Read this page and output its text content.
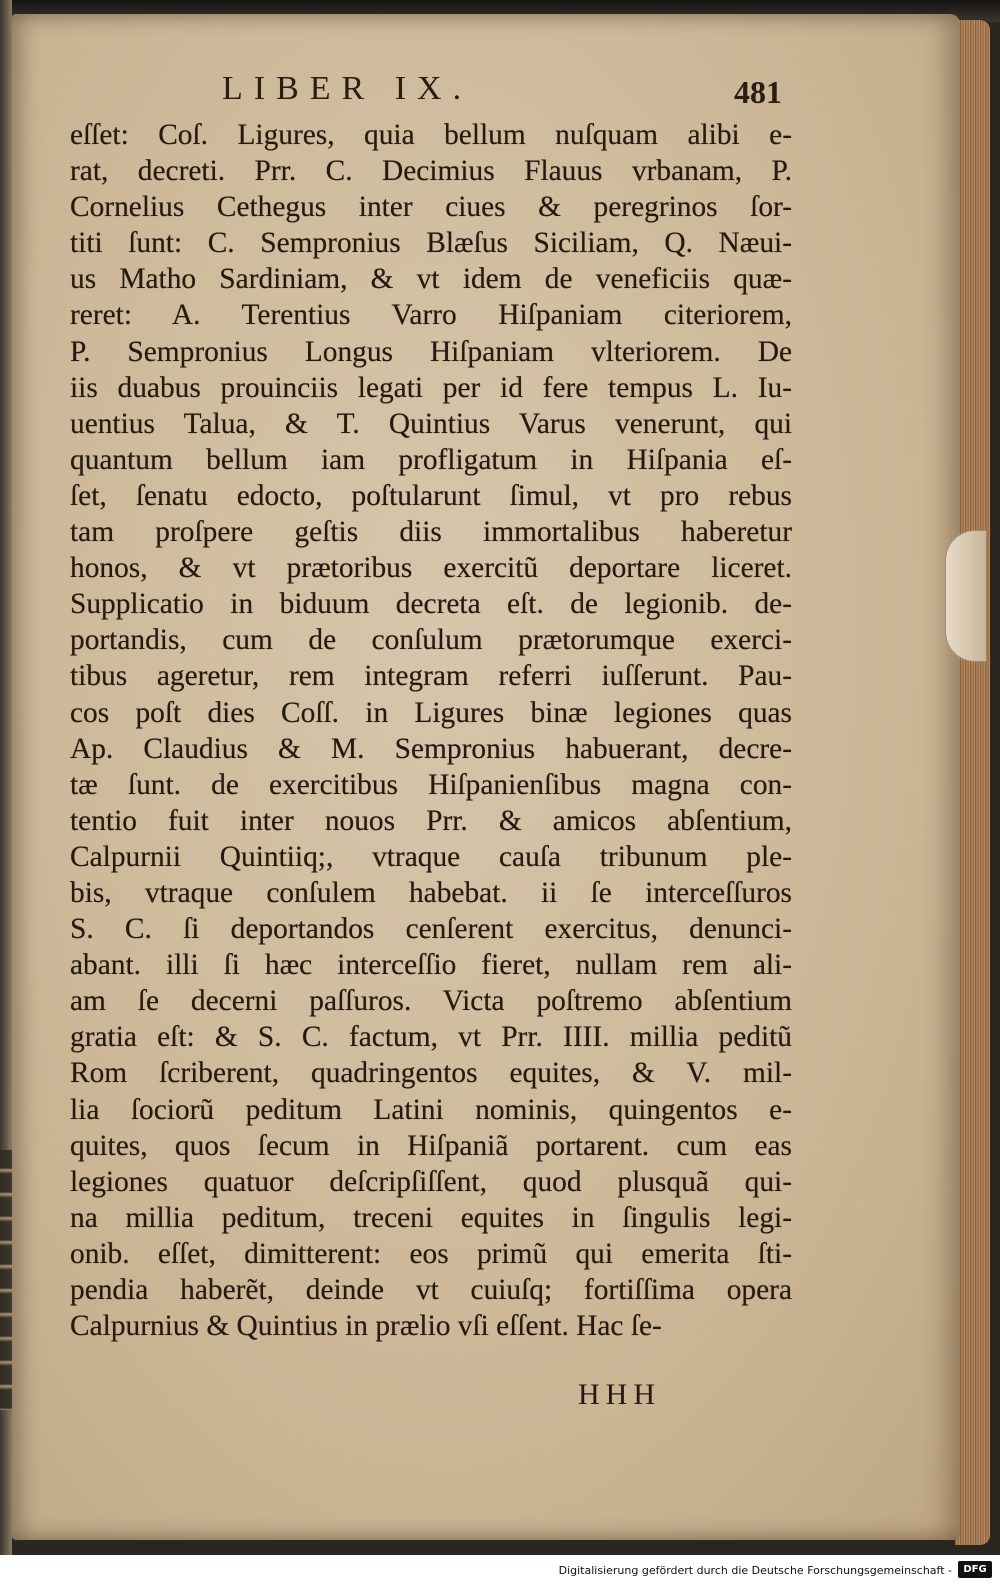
LIBER IX.	481
eſſet: Coſ. Ligures, quia bellum nuſquam alibi e-
rat, decreti. Prr. C. Decimius Flauus vrbanam, P.
Cornelius Cethegus inter ciues & peregrinos ſor-
titi ſunt: C. Sempronius Blæſus Siciliam, Q. Næui-
us Matho Sardiniam, & vt idem de veneficiis quæ-
reret: A. Terentius Varro Hiſpaniam citeriorem,
P. Sempronius Longus Hiſpaniam vlteriorem. De
iis duabus prouinciis legati per id fere tempus L. Iu-
uentius Talua, & T. Quintius Varus venerunt, qui
quantum bellum iam profligatum in Hiſpania eſ-
ſet, ſenatu edocto, poſtularunt ſimul, vt pro rebus
tam proſpere geſtis diis immortalibus haberetur
honos, & vt prætoribus exercitũ deportare liceret.
Supplicatio in biduum decreta eſt. de legionib. de-
portandis, cum de conſulum prætorumque exerci-
tibus ageretur, rem integram referri iuſſerunt. Pau-
cos poſt dies Coſſ. in Ligures binæ legiones quas
Ap. Claudius & M. Sempronius habuerant, decre-
tæ ſunt. de exercitibus Hiſpanienſibus magna con-
tentio fuit inter nouos Prr. & amicos abſentium,
Calpurnii Quintiiq;, vtraque cauſa tribunum ple-
bis, vtraque conſulem habebat. ii ſe interceſſuros
S. C. ſi deportandos cenſerent exercitus, denunci-
abant. illi ſi hæc interceſſio fieret, nullam rem ali-
am ſe decerni paſſuros. Victa poſtremo abſentium
gratia eſt: & S. C. factum, vt Prr. IIII. millia peditũ
Rom ſcriberent, quadringentos equites, & V. mil-
lia ſociorũ peditum Latini nominis, quingentos e-
quites, quos ſecum in Hiſpaniã portarent. cum eas
legiones quatuor deſcripſiſſent, quod plusquã qui-
na millia peditum, treceni equites in ſingulis legi-
onib. eſſet, dimitterent: eos primũ qui emerita ſti-
pendia haberẽt, deinde vt cuiuſq; fortiſſima opera
Calpurnius & Quintius in prælio vſi eſſent. Hac ſe-
HHH
Digitalisierung gefördert durch die Deutsche Forschungsgemeinschaft -	DFG
